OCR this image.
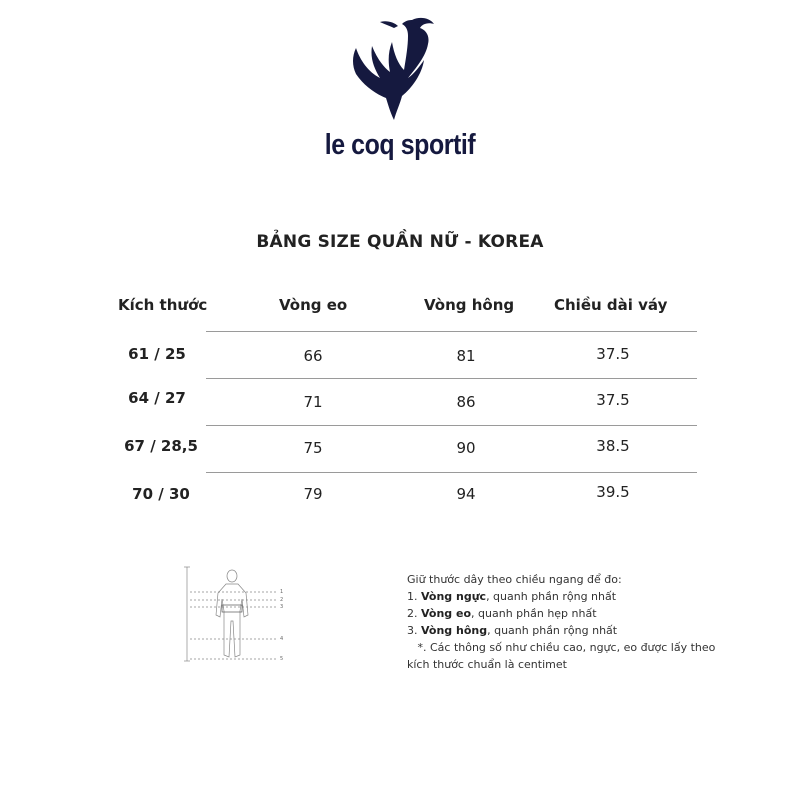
le coq sportif
BẢNG SIZE QUẦN NỮ - KOREA
Kích thước	Vòng eo	Vòng hông	Chiều dài váy
61 / 25	66	81	37.5
64 / 27	71	86	37.5
67 / 28,5	75	90	38.5
70 / 30	79	94	39.5
1
2
3
4
5
Giữ thước dây theo chiều ngang để đo:
1. Vòng ngực, quanh phần rộng nhất
2. Vòng eo, quanh phần hẹp nhất
3. Vòng hông, quanh phần rộng nhất
*. Các thông số như chiều cao, ngực, eo được lấy theo
kích thước chuẩn là centimet
